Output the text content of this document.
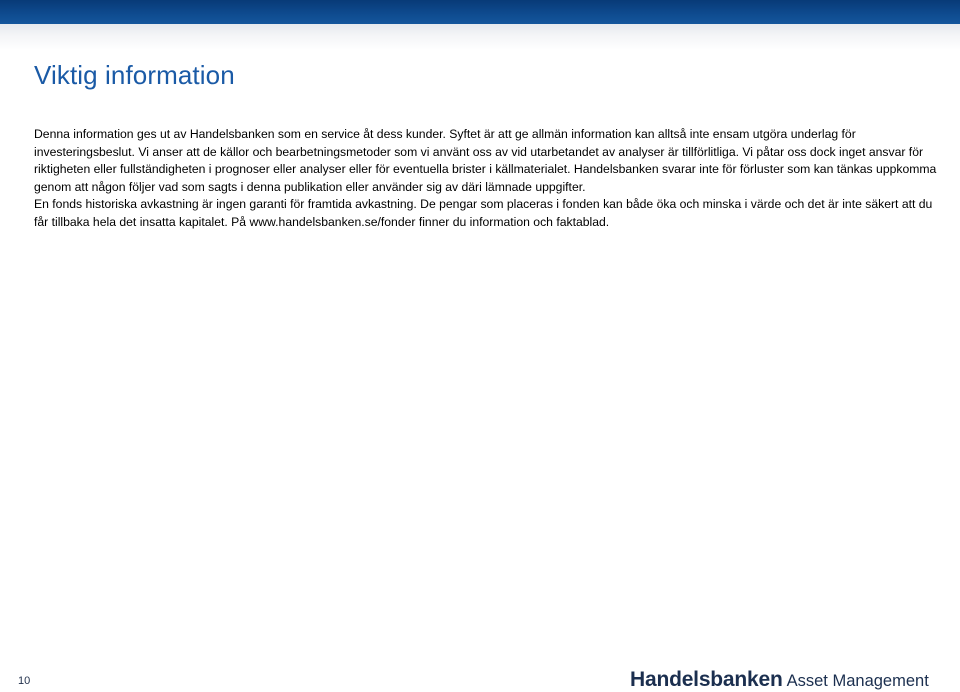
Viktig information

Denna information ges ut av Handelsbanken som en service åt dess kunder. Syftet är att ge allmän information kan alltså inte ensam utgöra underlag för investeringsbeslut. Vi anser att de källor och bearbetningsmetoder som vi använt oss av vid utarbetandet av analyser är tillförlitliga. Vi påtar oss dock inget ansvar för riktigheten eller fullständigheten i prognoser eller analyser eller för eventuella brister i källmaterialet. Handelsbanken svarar inte för förluster som kan tänkas uppkomma genom att någon följer vad som sagts i denna publikation eller använder sig av däri lämnade uppgifter.

En fonds historiska avkastning är ingen garanti för framtida avkastning. De pengar som placeras i fonden kan både öka och minska i värde och det är inte säkert att du får tillbaka hela det insatta kapitalet. På www.handelsbanken.se/fonder finner du information och faktablad.

10	Handelsbanken Asset Management
